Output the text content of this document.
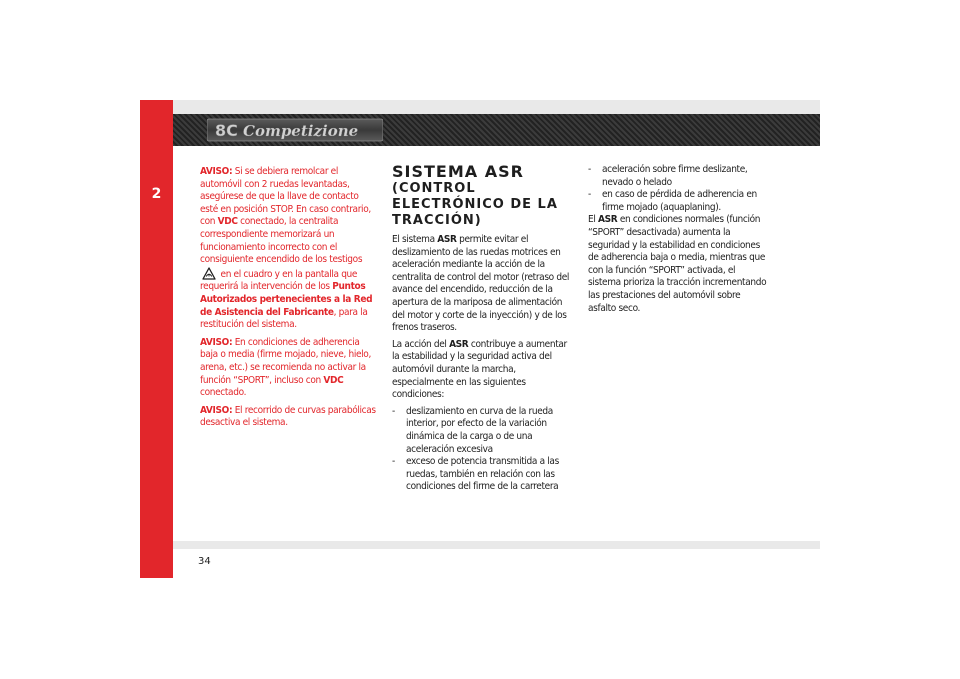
2
8C Competizione

AVISO: Si se debiera remolcar el automóvil con 2 ruedas levantadas, asegúrese de que la llave de contacto esté en posición STOP. En caso contrario, con VDC conectado, la centralita correspondiente memorizará un funcionamiento incorrecto con el consiguiente encendido de los testigos  en el cuadro y en la pantalla que requerirá la intervención de los Puntos Autorizados pertenecientes a la Red de Asistencia del Fabricante, para la restitución del sistema.

AVISO: En condiciones de adherencia baja o media (firme mojado, nieve, hielo, arena, etc.) se recomienda no activar la función “SPORT”, incluso con VDC conectado.

AVISO: El recorrido de curvas parabólicas desactiva el sistema.

SISTEMA ASR
(CONTROL ELECTRÓNICO DE LA TRACCIÓN)

El sistema ASR permite evitar el deslizamiento de las ruedas motrices en aceleración mediante la acción de la centralita de control del motor (retraso del avance del encendido, reducción de la apertura de la mariposa de alimentación del motor y corte de la inyección) y de los frenos traseros.

La acción del ASR contribuye a aumentar la estabilidad y la seguridad activa del automóvil durante la marcha, especialmente en las siguientes condiciones:

-	deslizamiento en curva de la rueda interior, por efecto de la variación dinámica de la carga o de una aceleración excesiva
-	exceso de potencia transmitida a las ruedas, también en relación con las condiciones del firme de la carretera
-	aceleración sobre firme deslizante, nevado o helado
-	en caso de pérdida de adherencia en firme mojado (aquaplaning).

El ASR en condiciones normales (función “SPORT” desactivada) aumenta la seguridad y la estabilidad en condiciones de adherencia baja o media, mientras que con la función “SPORT” activada, el sistema prioriza la tracción incrementando las prestaciones del automóvil sobre asfalto seco.

34
